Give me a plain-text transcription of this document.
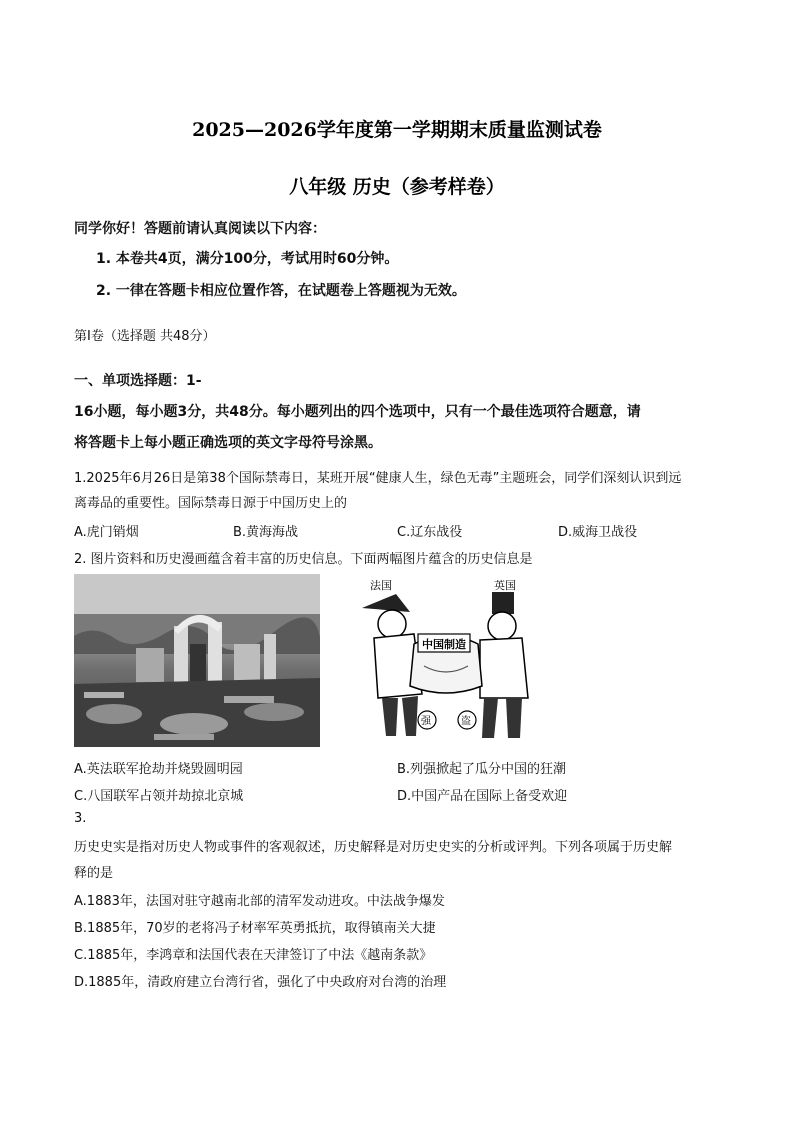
2025—2026学年度第一学期期末质量监测试卷
八年级 历史（参考样卷）
同学你好！答题前请认真阅读以下内容：
1. 本卷共4页，满分100分，考试用时60分钟。
2. 一律在答题卡相应位置作答，在试题卷上答题视为无效。
第Ⅰ卷（选择题 共48分）
一、单项选择题：1-
16小题，每小题3分，共48分。每小题列出的四个选项中，只有一个最佳选项符合题意，请
将答题卡上每小题正确选项的英文字母符号涂黑。
1.2025年6月26日是第38个国际禁毒日，某班开展“健康人生，绿色无毒”主题班会，同学们深刻认识到远
离毒品的重要性。国际禁毒日源于中国历史上的
A.虎门销烟	B.黄海海战	C.辽东战役	D.威海卫战役
2. 图片资料和历史漫画蕴含着丰富的历史信息。下面两幅图片蕴含的历史信息是
法国	英国
中国制造
强	盗
A.英法联军抢劫并烧毁圆明园	B.列强掀起了瓜分中国的狂潮
C.八国联军占领并劫掠北京城	D.中国产品在国际上备受欢迎
3.
历史史实是指对历史人物或事件的客观叙述，历史解释是对历史史实的分析或评判。下列各项属于历史解
释的是
A.1883年，法国对驻守越南北部的清军发动进攻。中法战争爆发
B.1885年，70岁的老将冯子材率军英勇抵抗，取得镇南关大捷
C.1885年，李鸿章和法国代表在天津签订了中法《越南条款》
D.1885年，清政府建立台湾行省，强化了中央政府对台湾的治理
